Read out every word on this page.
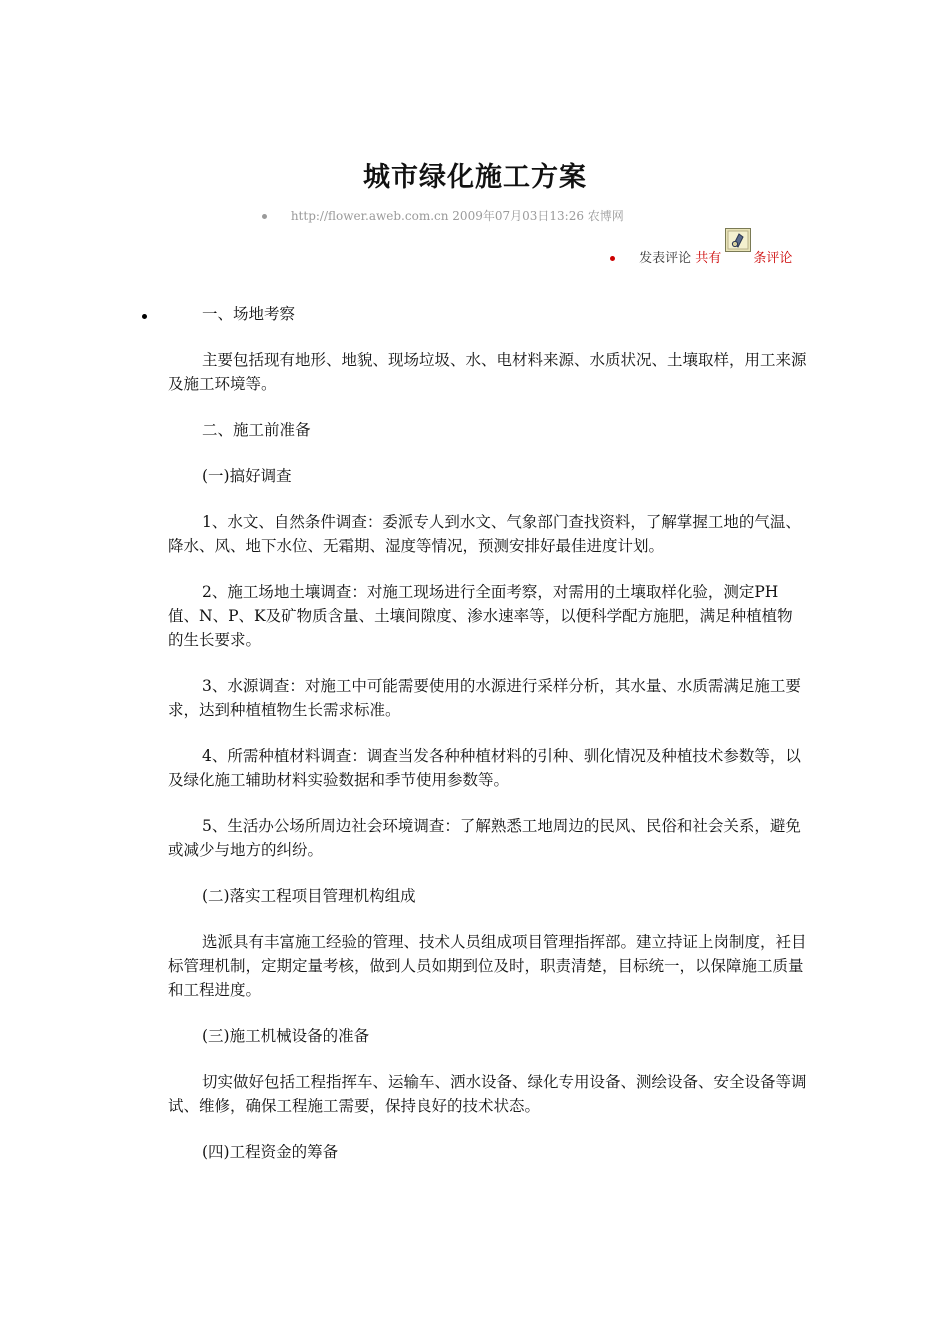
城市绿化施工方案
http://flower.aweb.com.cn 2009年07月03日13:26 农博网
发表评论 共有 条评论

一、场地考察

主要包括现有地形、地貌、现场垃圾、水、电材料来源、水质状况、土壤取样，用工来源及施工环境等。

二、施工前准备

(一)搞好调查

1、水文、自然条件调查：委派专人到水文、气象部门查找资料，了解掌握工地的气温、降水、风、地下水位、无霜期、湿度等情况，预测安排好最佳进度计划。

2、施工场地土壤调查：对施工现场进行全面考察，对需用的土壤取样化验，测定PH值、N、P、K及矿物质含量、土壤间隙度、渗水速率等，以便科学配方施肥，满足种植植物的生长要求。

3、水源调查：对施工中可能需要使用的水源进行采样分析，其水量、水质需满足施工要求，达到种植植物生长需求标准。

4、所需种植材料调查：调查当发各种种植材料的引种、驯化情况及种植技术参数等，以及绿化施工辅助材料实验数据和季节使用参数等。

5、生活办公场所周边社会环境调查：了解熟悉工地周边的民风、民俗和社会关系，避免或减少与地方的纠纷。

(二)落实工程项目管理机构组成

选派具有丰富施工经验的管理、技术人员组成项目管理指挥部。建立持证上岗制度，衽目标管理机制，定期定量考核，做到人员如期到位及时，职责清楚，目标统一，以保障施工质量和工程进度。

(三)施工机械设备的准备

切实做好包括工程指挥车、运输车、洒水设备、绿化专用设备、测绘设备、安全设备等调试、维修，确保工程施工需要，保持良好的技术状态。

(四)工程资金的筹备
